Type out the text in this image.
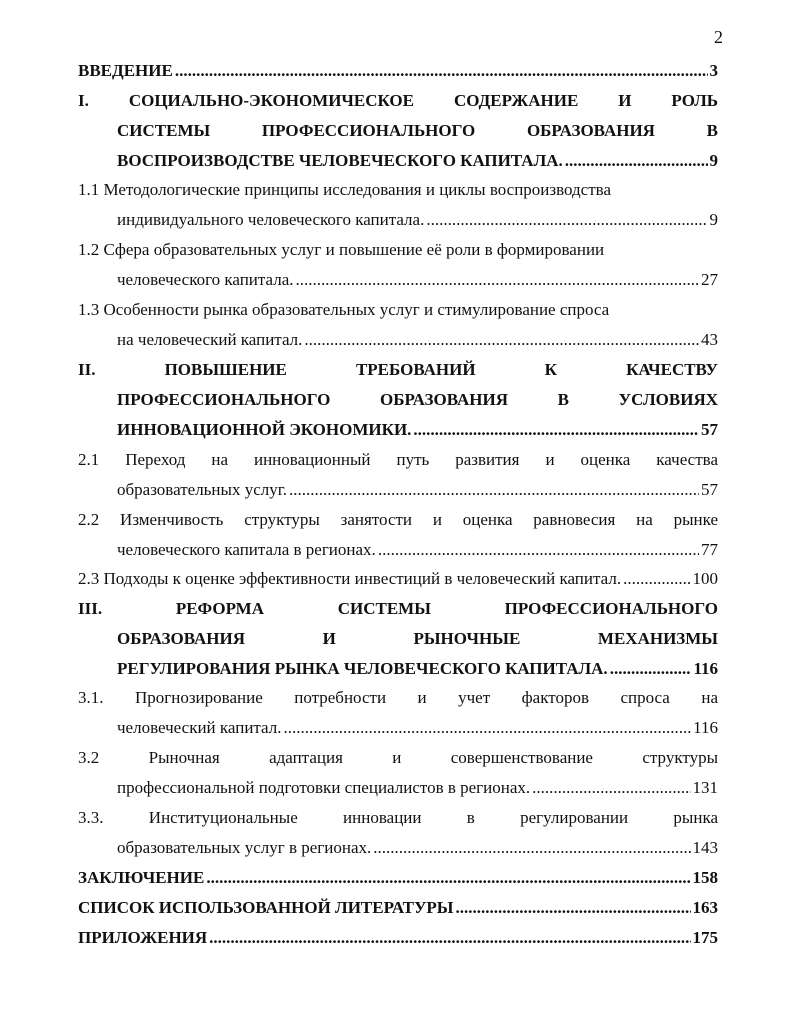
2
ВВЕДЕНИЕ .....	3
I. СОЦИАЛЬНО-ЭКОНОМИЧЕСКОЕ СОДЕРЖАНИЕ И РОЛЬ
СИСТЕМЫ ПРОФЕССИОНАЛЬНОГО ОБРАЗОВАНИЯ В
ВОСПРОИЗВОДСТВЕ ЧЕЛОВЕЧЕСКОГО КАПИТАЛА. .....	9
1.1 Методологические принципы исследования и циклы воспроизводства
индивидуального человеческого капитала. .....	9
1.2 Сфера образовательных услуг и повышение её роли в формировании
человеческого капитала. .....	27
1.3 Особенности рынка образовательных услуг и стимулирование спроса
на человеческий капитал. .....	43
II. ПОВЫШЕНИЕ ТРЕБОВАНИЙ К КАЧЕСТВУ
ПРОФЕССИОНАЛЬНОГО ОБРАЗОВАНИЯ В УСЛОВИЯХ
ИННОВАЦИОННОЙ ЭКОНОМИКИ. .....	57
2.1 Переход на инновационный путь развития и оценка качества
образовательных услуг. .....	57
2.2 Изменчивость структуры занятости и оценка равновесия на рынке
человеческого капитала в регионах. .....	77
2.3 Подходы к оценке эффективности инвестиций в человеческий капитал. .....	100
III. РЕФОРМА СИСТЕМЫ ПРОФЕССИОНАЛЬНОГО
ОБРАЗОВАНИЯ И РЫНОЧНЫЕ МЕХАНИЗМЫ
РЕГУЛИРОВАНИЯ РЫНКА ЧЕЛОВЕЧЕСКОГО КАПИТАЛА. .....	116
3.1. Прогнозирование потребности и учет факторов спроса на
человеческий капитал. .....	116
3.2 Рыночная адаптация и совершенствование структуры
профессиональной подготовки специалистов в регионах. .....	131
3.3. Институциональные инновации в регулировании рынка
образовательных услуг в регионах. .....	143
ЗАКЛЮЧЕНИЕ .....	158
СПИСОК ИСПОЛЬЗОВАННОЙ ЛИТЕРАТУРЫ .....	163
ПРИЛОЖЕНИЯ .....	175
